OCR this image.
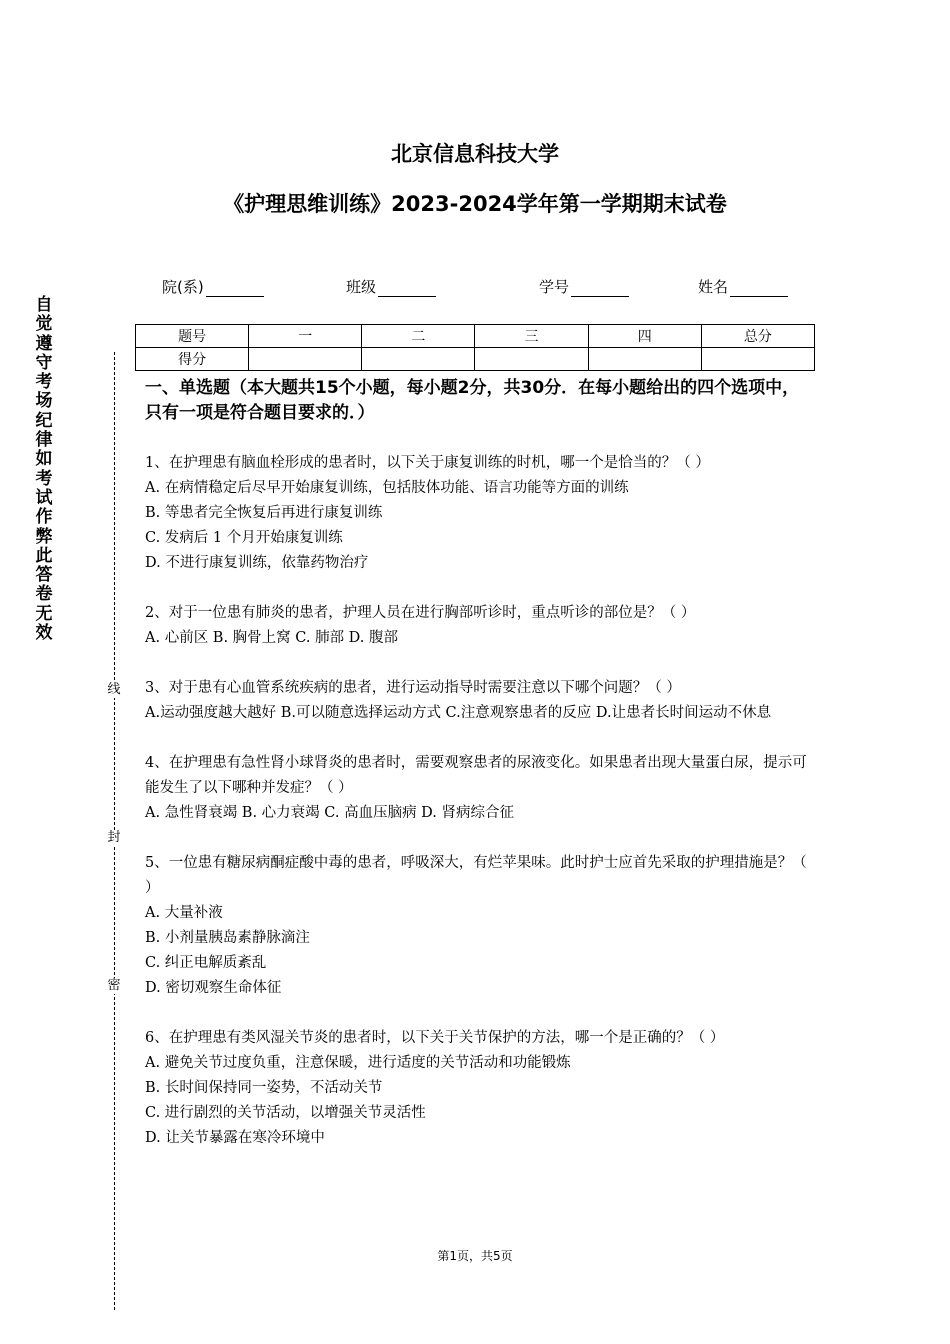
北京信息科技大学
《护理思维训练》2023-2024学年第一学期期末试卷
院(系)	班级	学号	姓名
题号	一	二	三	四	总分
得分					
自觉遵守考场纪律如考试作弊此答卷无效
线
封
密
一、单选题（本大题共15个小题，每小题2分，共30分．在每小题给出的四个选项中，只有一项是符合题目要求的．）

1、在护理患有脑血栓形成的患者时，以下关于康复训练的时机，哪一个是恰当的？（ ）

A. 在病情稳定后尽早开始康复训练，包括肢体功能、语言功能等方面的训练

B. 等患者完全恢复后再进行康复训练

C. 发病后 1 个月开始康复训练

D. 不进行康复训练，依靠药物治疗

2、对于一位患有肺炎的患者，护理人员在进行胸部听诊时，重点听诊的部位是？（ ）

A. 心前区 B. 胸骨上窝 C. 肺部 D. 腹部

3、对于患有心血管系统疾病的患者，进行运动指导时需要注意以下哪个问题？（ ）

A.运动强度越大越好 B.可以随意选择运动方式 C.注意观察患者的反应 D.让患者长时间运动不休息

4、在护理患有急性肾小球肾炎的患者时，需要观察患者的尿液变化。如果患者出现大量蛋白尿，提示可能发生了以下哪种并发症？（ ）

A. 急性肾衰竭 B. 心力衰竭 C. 高血压脑病 D. 肾病综合征

5、一位患有糖尿病酮症酸中毒的患者，呼吸深大，有烂苹果味。此时护士应首先采取的护理措施是？（ ）

A. 大量补液

B. 小剂量胰岛素静脉滴注

C. 纠正电解质紊乱

D. 密切观察生命体征

6、在护理患有类风湿关节炎的患者时，以下关于关节保护的方法，哪一个是正确的？（ ）

A. 避免关节过度负重，注意保暖，进行适度的关节活动和功能锻炼

B. 长时间保持同一姿势，不活动关节

C. 进行剧烈的关节活动，以增强关节灵活性

D. 让关节暴露在寒冷环境中

第1页，共5页
